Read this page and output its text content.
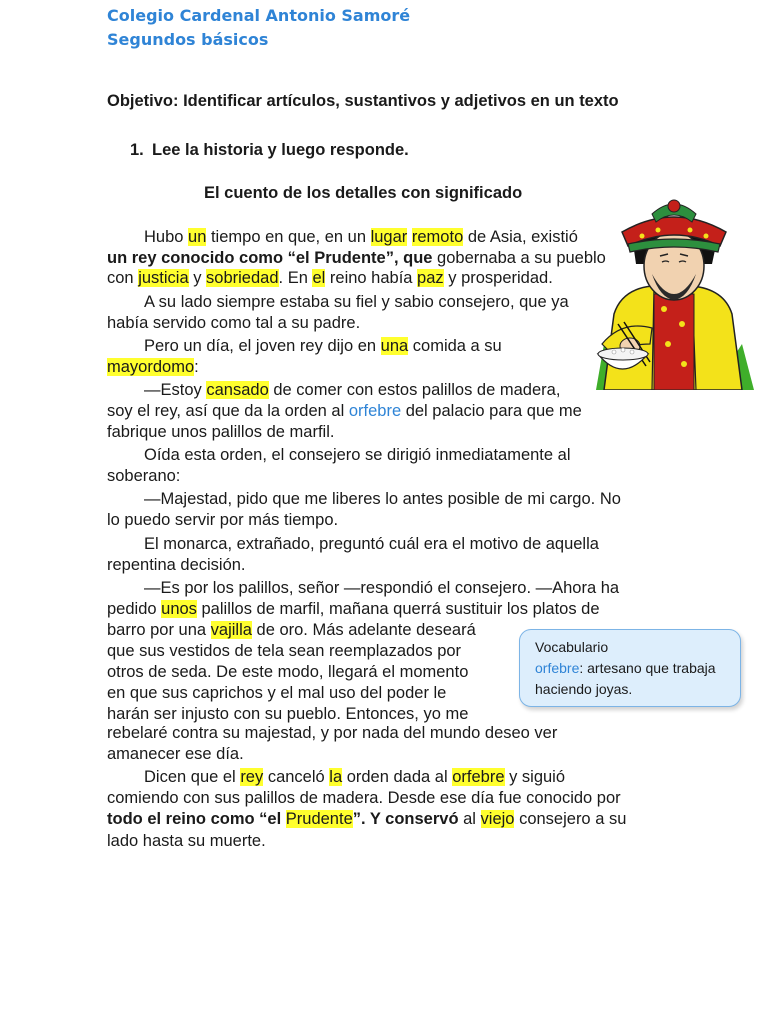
Colegio Cardenal Antonio Samoré
Segundos básicos
Objetivo: Identificar artículos, sustantivos y adjetivos en un texto
1. Lee la historia y luego responde.
El cuento de los detalles con significado
Hubo un tiempo en que, en un lugar remoto de Asia, existió
un rey conocido como “el Prudente”, que gobernaba a su pueblo
con justicia y sobriedad. En el reino había paz y prosperidad.
A su lado siempre estaba su fiel y sabio consejero, que ya
había servido como tal a su padre.
Pero un día, el joven rey dijo en una comida a su
mayordomo:
—Estoy cansado de comer con estos palillos de madera,
soy el rey, así que da la orden al orfebre del palacio para que me
fabrique unos palillos de marfil.
Oída esta orden, el consejero se dirigió inmediatamente al
soberano:
—Majestad, pido que me liberes lo antes posible de mi cargo. No
lo puedo servir por más tiempo.
El monarca, extrañado, preguntó cuál era el motivo de aquella
repentina decisión.
—Es por los palillos, señor —respondió el consejero. —Ahora ha
pedido unos palillos de marfil, mañana querrá sustituir los platos de
barro por una vajilla de oro. Más adelante deseará
que sus vestidos de tela sean reemplazados por
otros de seda. De este modo, llegará el momento
en que sus caprichos y el mal uso del poder le
harán ser injusto con su pueblo. Entonces, yo me
rebelaré contra su majestad, y por nada del mundo deseo ver
amanecer ese día.
Dicen que el rey canceló la orden dada al orfebre y siguió
comiendo con sus palillos de madera. Desde ese día fue conocido por
todo el reino como “el Prudente”. Y conservó al viejo consejero a su
lado hasta su muerte.
Vocabulario
orfebre: artesano que trabaja
haciendo joyas.
